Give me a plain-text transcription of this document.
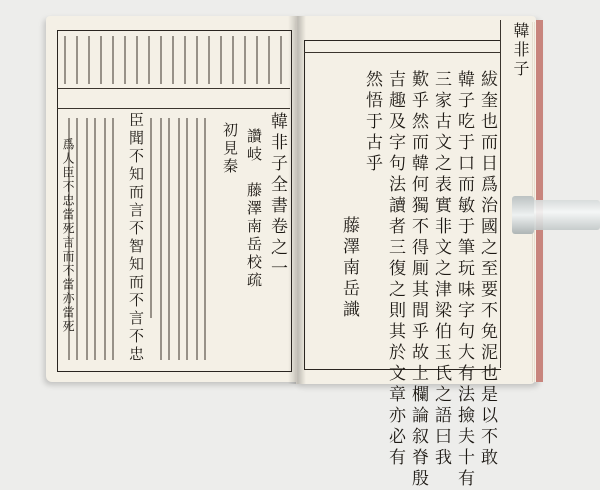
韓非子全書卷之一
讚岐　藤澤南岳校疏
初見秦
臣聞不知而言不智知而不言不忠
爲人臣不忠當死言而不當亦當死
韓非子
紱奎也而日爲治國之至要不免泥也是以不敢
韓子吃于口而敏于筆玩味字句大有法撿夫十有
三家古文之表實非文之津梁伯玉氏之語曰我
歎乎然而韓何獨不得厠其間乎故上欄論叙脊殷
吉趣及字句法讀者三復之則其於文章亦必有
然悟于古乎
藤澤南岳識
